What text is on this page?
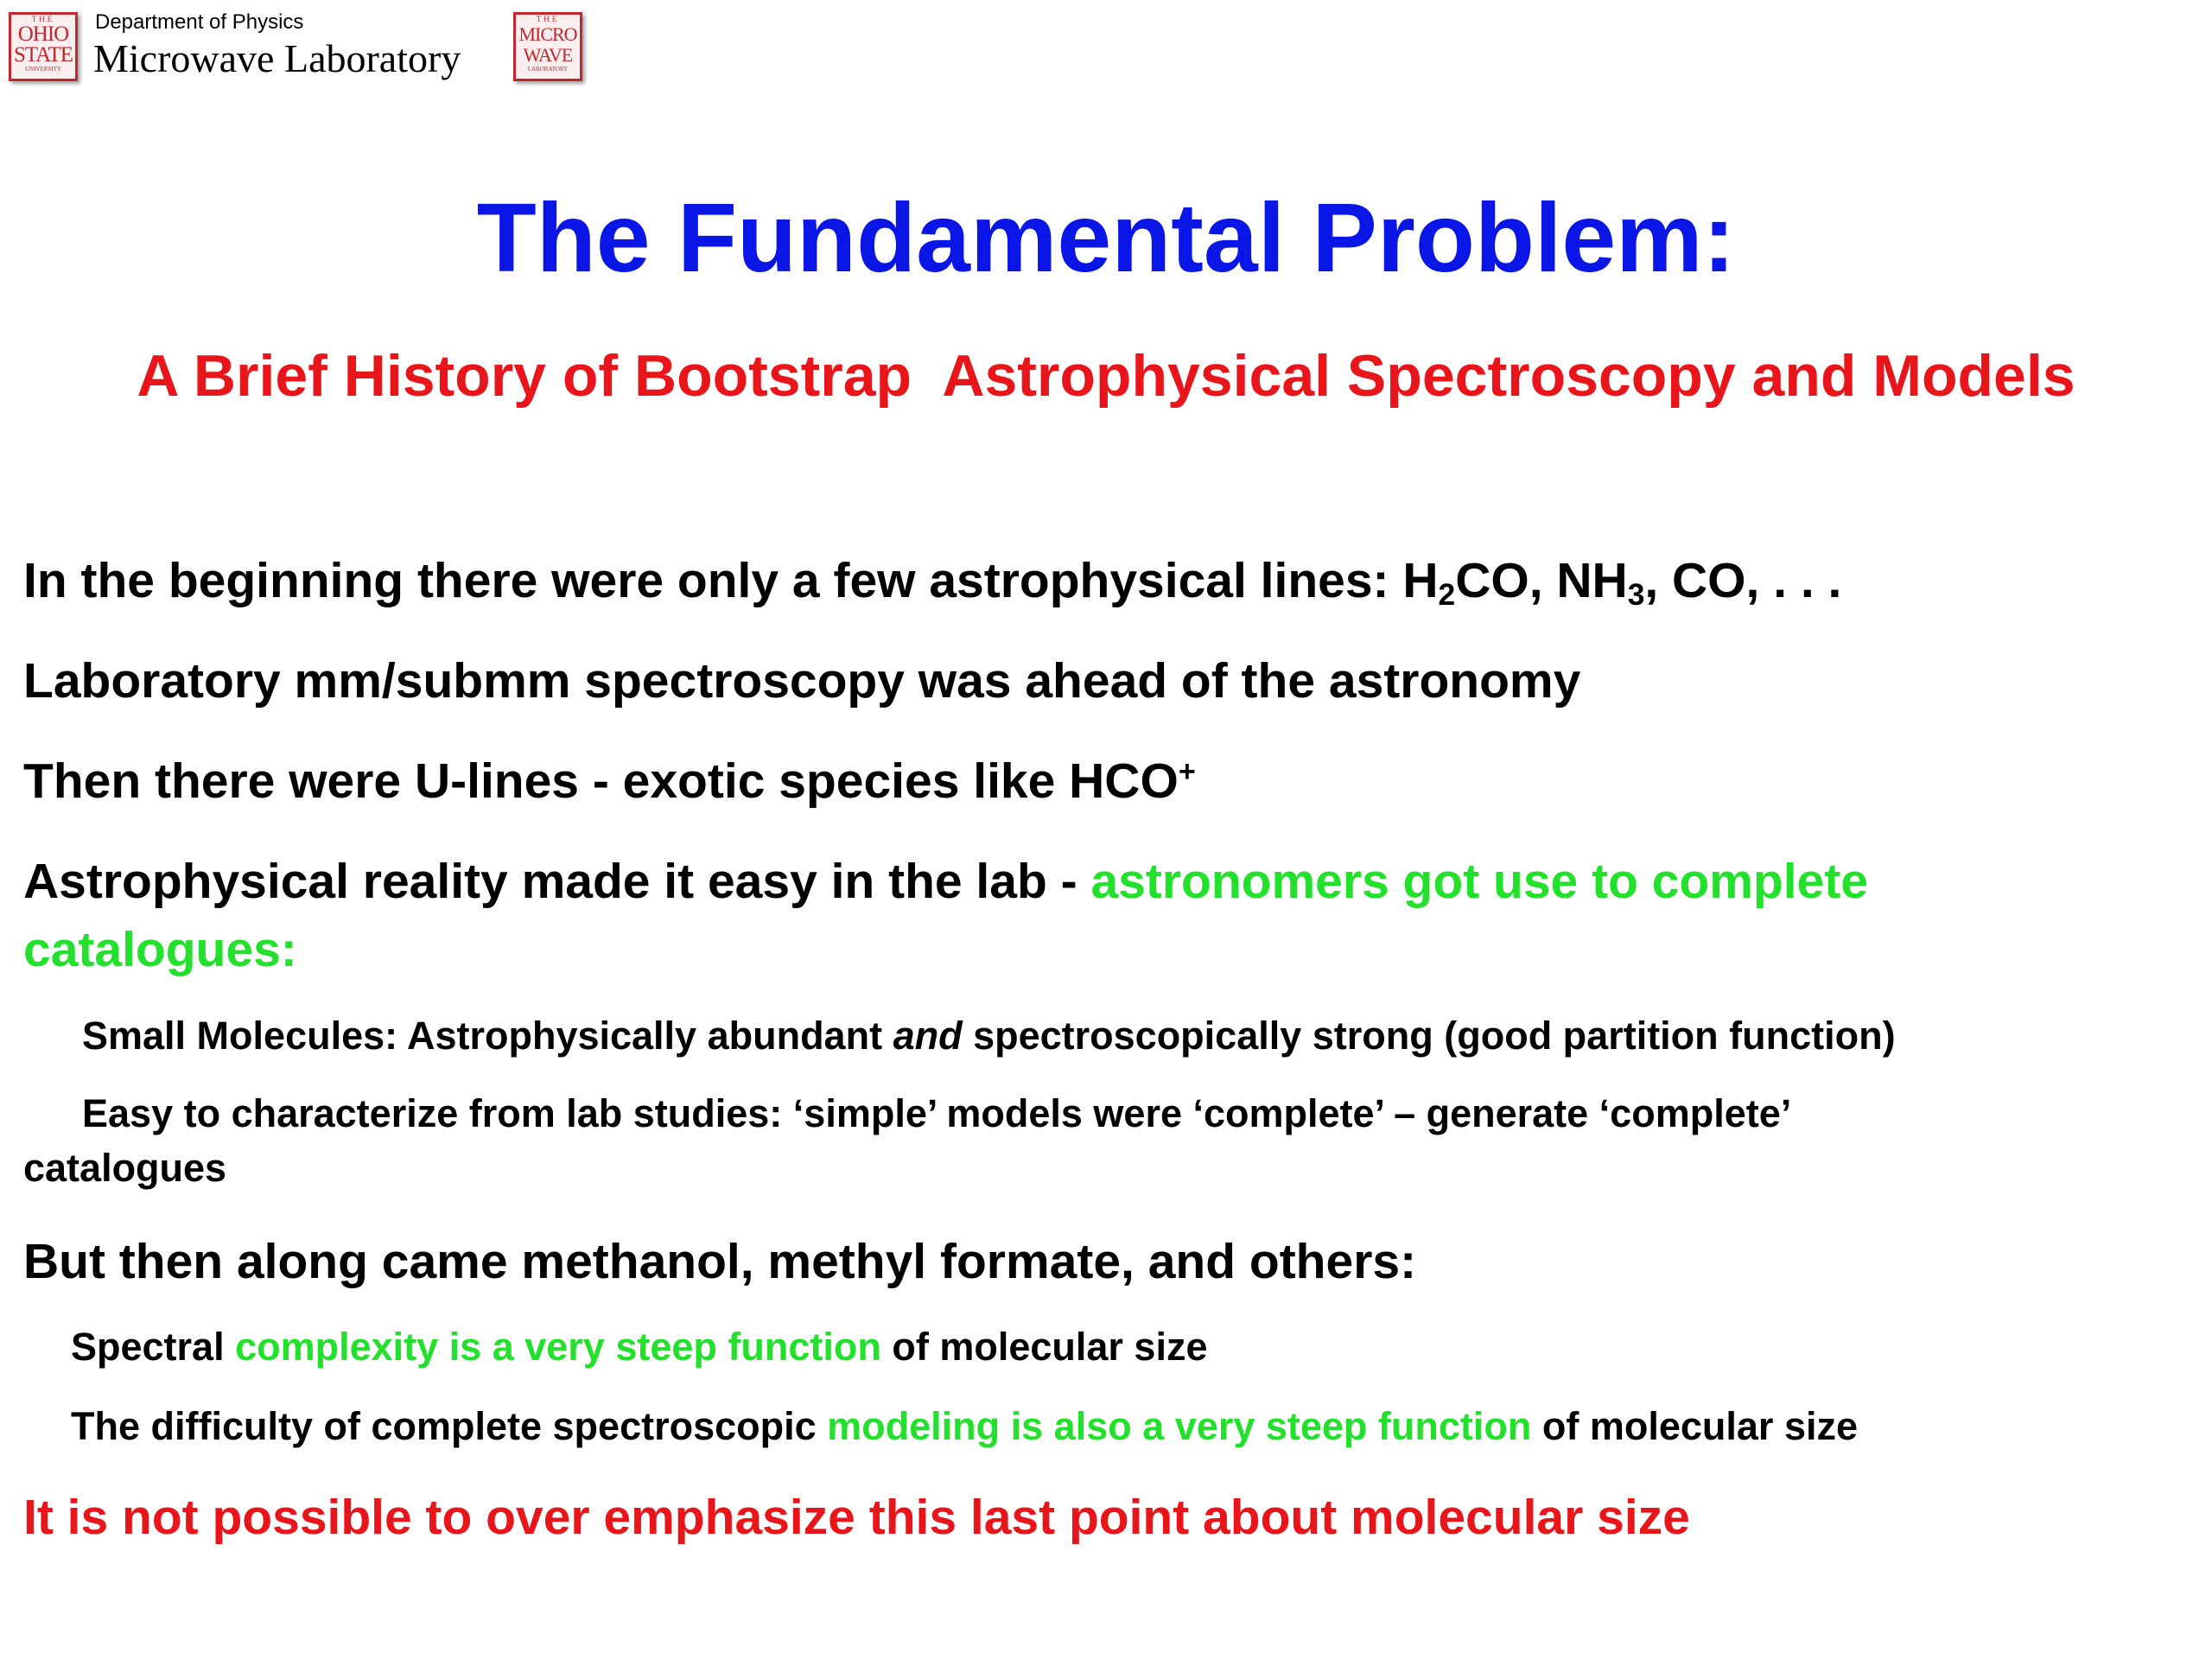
THE
OHIO
STATE
UNIVERSITY
Department of Physics
Microwave Laboratory
THE
MICRO
WAVE
LABORATORY
The Fundamental Problem:
A Brief History of Bootstrap  Astrophysical Spectroscopy and Models
In the beginning there were only a few astrophysical lines: $H_2CO$, $NH_3$, CO, . . .
Laboratory mm/submm spectroscopy was ahead of the astronomy
Then there were U-lines - exotic species like HCO+
Astrophysical reality made it easy in the lab - astronomers got use to complete
catalogues:
Small Molecules: Astrophysically abundant and spectroscopically strong (good partition function)
Easy to characterize from lab studies: ‘simple’ models were ‘complete’ – generate ‘complete’
catalogues
But then along came methanol, methyl formate, and others:
Spectral complexity is a very steep function of molecular size
The difficulty of complete spectroscopic modeling is also a very steep function of molecular size
It is not possible to over emphasize this last point about molecular size
